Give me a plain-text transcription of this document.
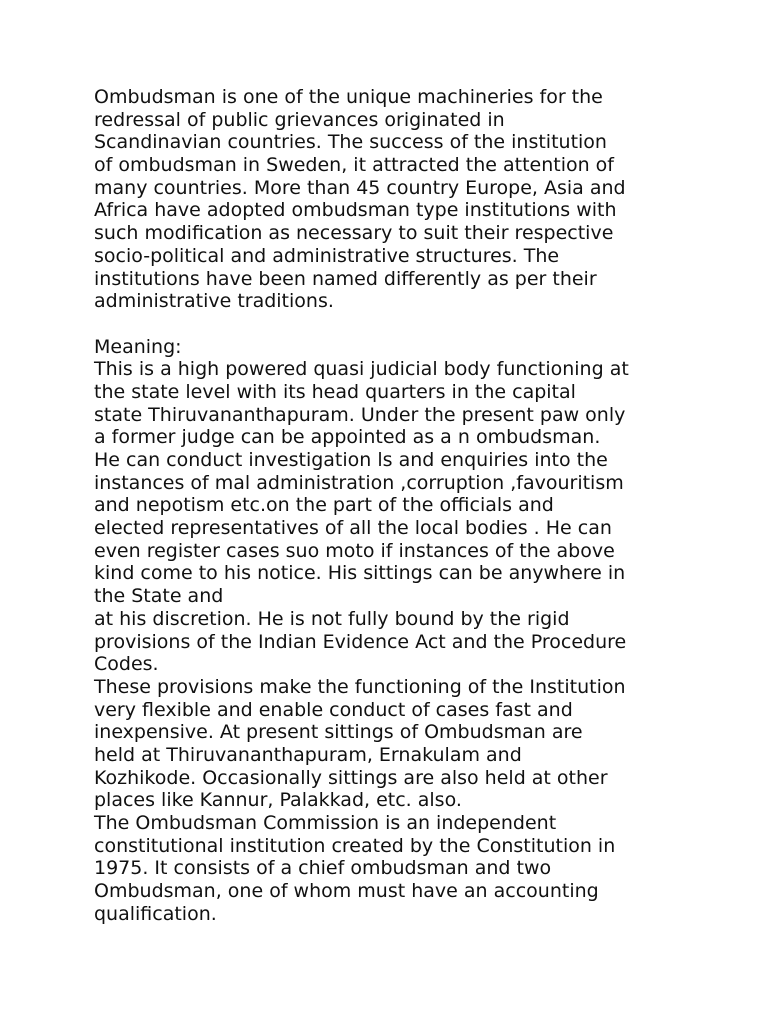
Ombudsman is one of the unique machineries for the
redressal of public grievances originated in
Scandinavian countries. The success of the institution
of ombudsman in Sweden, it attracted the attention of
many countries. More than 45 country Europe, Asia and
Africa have adopted ombudsman type institutions with
such modification as necessary to suit their respective
socio-political and administrative structures. The
institutions have been named differently as per their
administrative traditions.
Meaning:
This is a high powered quasi judicial body functioning at
the state level with its head quarters in the capital
state Thiruvananthapuram. Under the present paw only
a former judge can be appointed as a n ombudsman.
He can conduct investigation ls and enquiries into the
instances of mal administration ,corruption ,favouritism
and nepotism etc.on the part of the officials and
elected representatives of all the local bodies . He can
even register cases suo moto if instances of the above
kind come to his notice. His sittings can be anywhere in
the State and
at his discretion. He is not fully bound by the rigid
provisions of the Indian Evidence Act and the Procedure
Codes.
These provisions make the functioning of the Institution
very flexible and enable conduct of cases fast and
inexpensive. At present sittings of Ombudsman are
held at Thiruvananthapuram, Ernakulam and
Kozhikode. Occasionally sittings are also held at other
places like Kannur, Palakkad, etc. also.
The Ombudsman Commission is an independent
constitutional institution created by the Constitution in
1975. It consists of a chief ombudsman and two
Ombudsman, one of whom must have an accounting
qualification.
